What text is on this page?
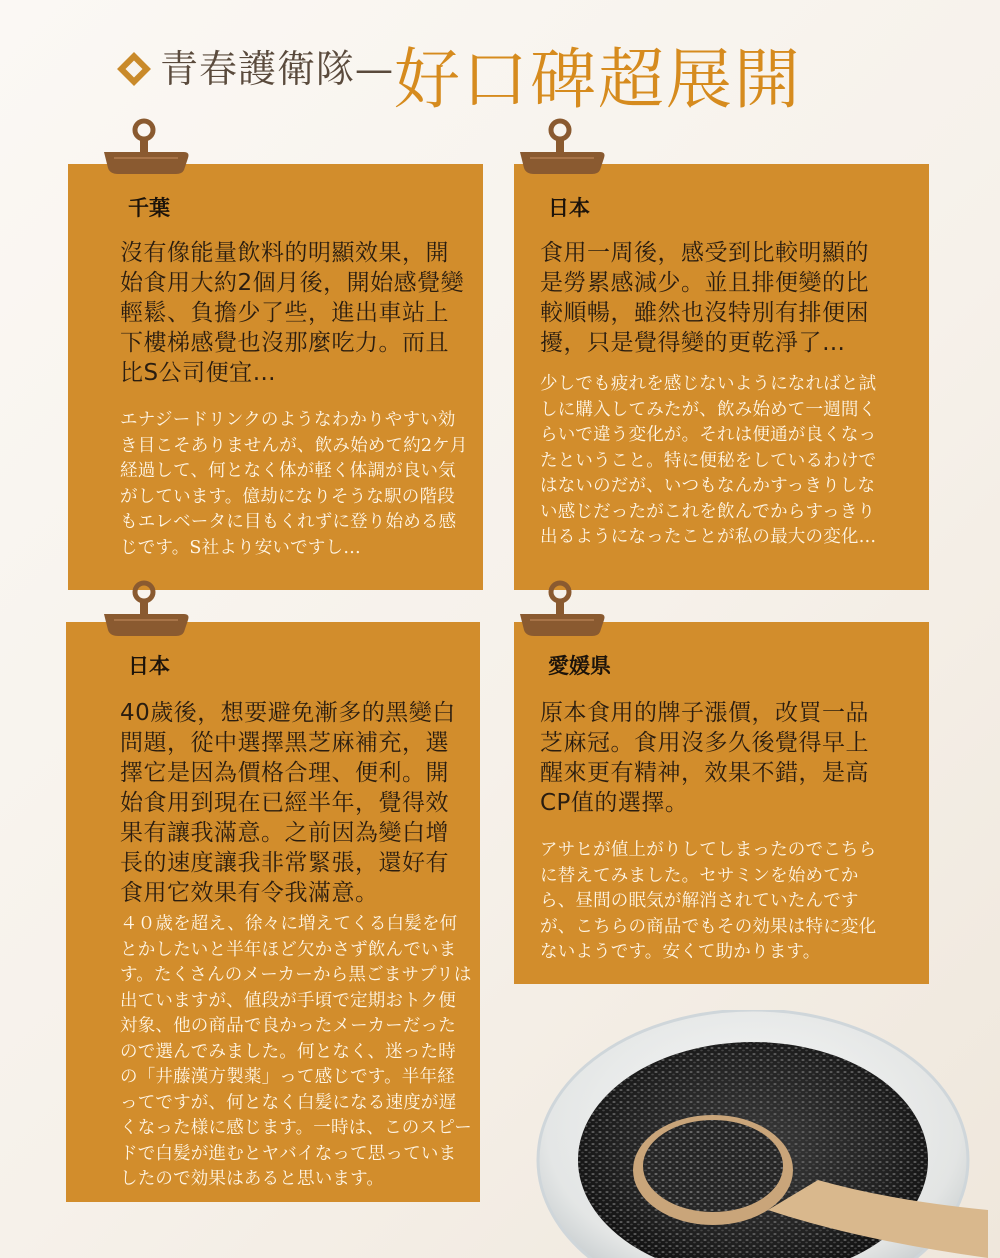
青春護衛隊— 好口碑超展開
千葉
沒有像能量飲料的明顯效果，開始食用大約2個月後，開始感覺變輕鬆、負擔少了些，進出車站上下樓梯感覺也沒那麼吃力。而且比S公司便宜…
エナジードリンクのようなわかりやすい効き目こそありませんが、飲み始めて約2ケ月経過して、何となく体が軽く体調が良い気がしています。億劫になりそうな駅の階段もエレベータに目もくれずに登り始める感じです。S社より安いですし…
日本
食用一周後，感受到比較明顯的是勞累感減少。並且排便變的比較順暢，雖然也沒特別有排便困擾，只是覺得變的更乾淨了…
少しでも疲れを感じないようになればと試しに購入してみたが、飲み始めて一週間くらいで違う変化が。それは便通が良くなったということ。特に便秘をしているわけではないのだが、いつもなんかすっきりしない感じだったがこれを飲んでからすっきり出るようになったことが私の最大の変化…
日本
40歲後，想要避免漸多的黑變白問題，從中選擇黑芝麻補充，選擇它是因為價格合理、便利。開始食用到現在已經半年，覺得效果有讓我滿意。之前因為變白增長的速度讓我非常緊張，還好有食用它效果有令我滿意。
４０歳を超え、徐々に増えてくる白髪を何とかしたいと半年ほど欠かさず飲んでいます。たくさんのメーカーから黒ごまサプリは出ていますが、値段が手頃で定期おトク便対象、他の商品で良かったメーカーだったので選んでみました。何となく、迷った時の「井藤漢方製薬」って感じです。半年経ってですが、何となく白髪になる速度が遅くなった様に感じます。一時は、このスピードで白髪が進むとヤバイなって思っていましたので効果はあると思います。
愛媛県
原本食用的牌子漲價，改買一品芝麻冠。食用沒多久後覺得早上醒來更有精神，效果不錯，是高CP值的選擇。
アサヒが値上がりしてしまったのでこちらに替えてみました。セサミンを始めてから、昼間の眠気が解消されていたんですが、こちらの商品でもその効果は特に変化ないようです。安くて助かります。
